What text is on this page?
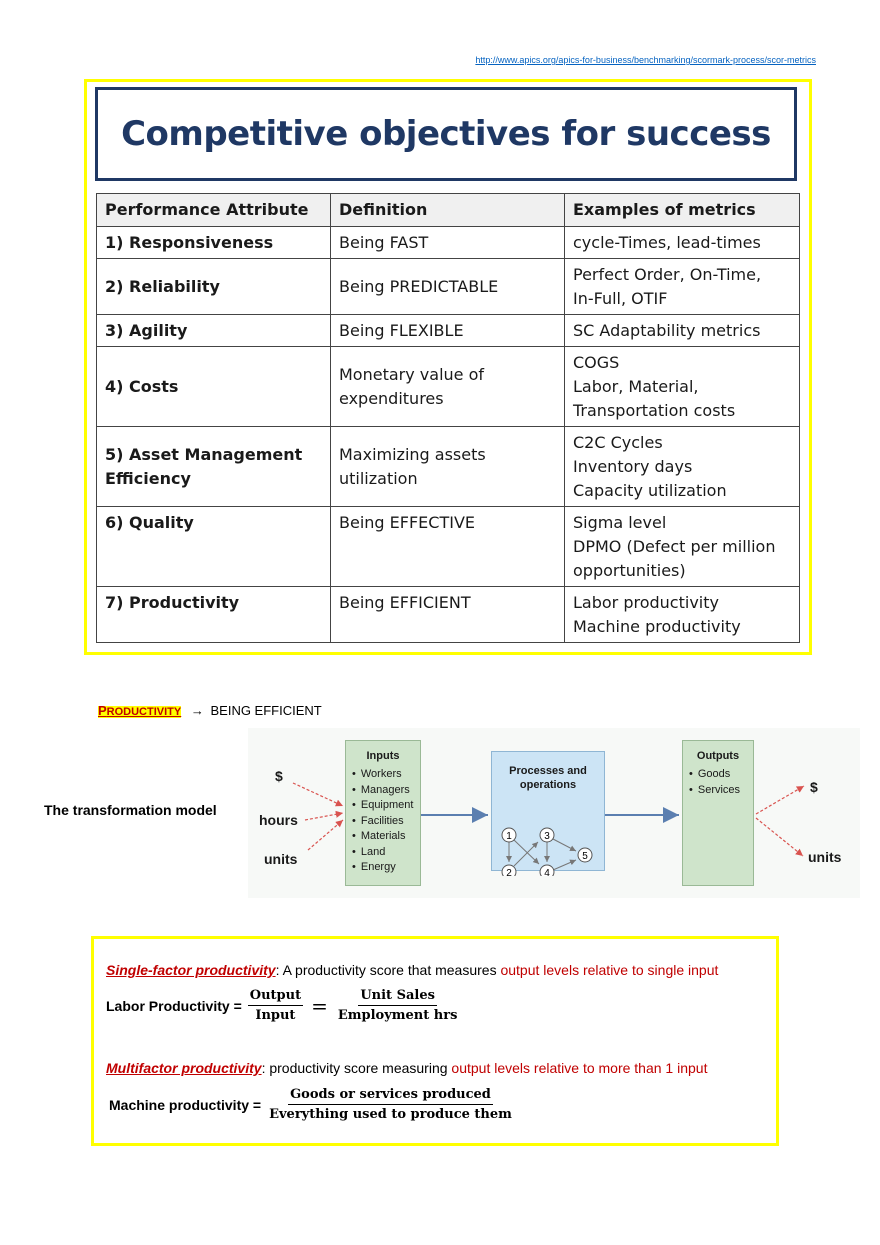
http://www.apics.org/apics-for-business/benchmarking/scormark-process/scor-metrics
Competitive objectives for success
Performance Attribute	Definition	Examples of metrics
1) Responsiveness	Being FAST	cycle-Times, lead-times
2) Reliability	Being PREDICTABLE	Perfect Order, On-Time,
In-Full, OTIF
3) Agility	Being FLEXIBLE	SC Adaptability metrics
4) Costs	Monetary value of
expenditures	COGS
Labor, Material,
Transportation costs
5) Asset Management
Efficiency	Maximizing assets
utilization	C2C Cycles
Inventory days
Capacity utilization
6) Quality	Being EFFECTIVE	Sigma level
DPMO (Defect per million
opportunities)
7) Productivity	Being EFFICIENT	Labor productivity
Machine productivity
PRODUCTIVITY → BEING EFFICIENT
The transformation model
$
hours
units
$
units
Inputs
• Workers
• Managers
• Equipment
• Facilities
• Materials
• Land
• Energy
Processes and
operations
1
2
3
4
5
Outputs
• Goods
• Services
Single-factor productivity: A productivity score that measures output levels relative to single input
Labor Productivity = $\frac{\text{Output}}{\text{Input}} = \frac{\text{Unit Sales}}{\text{Employment hrs}}$
Multifactor productivity: productivity score measuring output levels relative to more than 1 input
Machine productivity = $\frac{\text{Goods or services produced}}{\text{Everything used to produce them}}$
